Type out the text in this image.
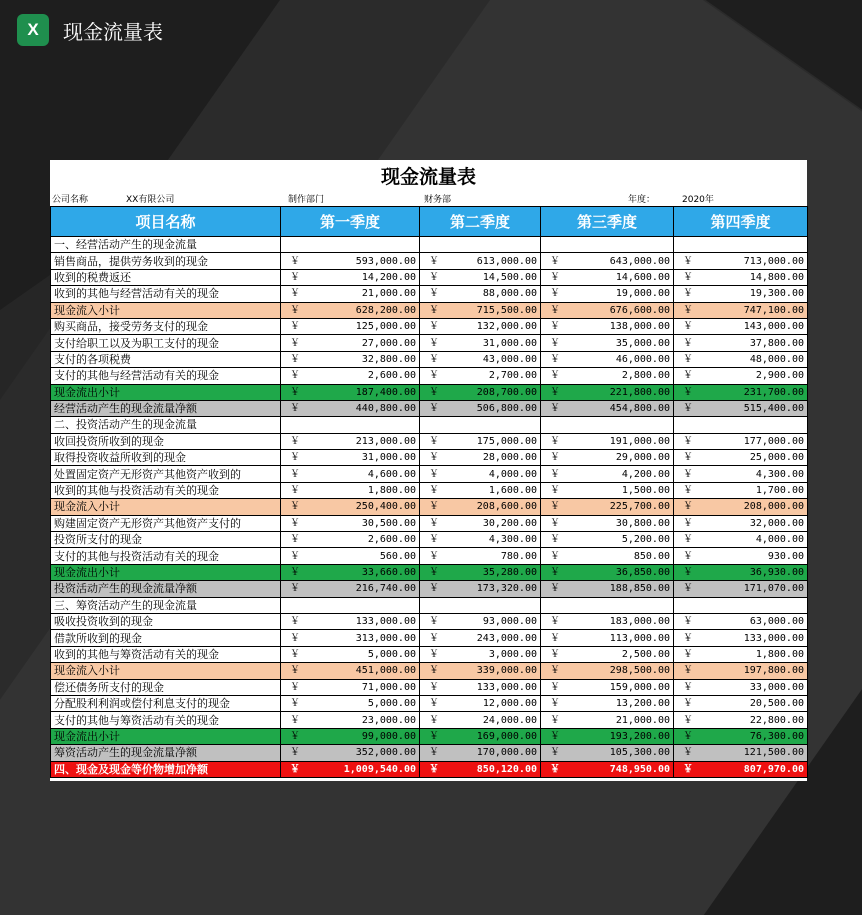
X	现金流量表
现金流量表
公司名称	XX有限公司	制作部门	财务部	年度：	2020年
项目名称	第一季度	第二季度	第三季度	第四季度
一、经营活动产生的现金流量				
销售商品，提供劳务收到的现金	￥ 593,000.00	￥ 613,000.00	￥ 643,000.00	￥ 713,000.00

收到的税费返还	￥ 14,200.00	￥ 14,500.00	￥ 14,600.00	￥ 14,800.00

收到的其他与经营活动有关的现金	￥ 21,000.00	￥ 88,000.00	￥ 19,000.00	￥ 19,300.00

现金流入小计	￥ 628,200.00	￥ 715,500.00	￥ 676,600.00	￥ 747,100.00

购买商品，接受劳务支付的现金	￥ 125,000.00	￥ 132,000.00	￥ 138,000.00	￥ 143,000.00

支付给职工以及为职工支付的现金	￥ 27,000.00	￥ 31,000.00	￥ 35,000.00	￥ 37,800.00

支付的各项税费	￥ 32,800.00	￥ 43,000.00	￥ 46,000.00	￥ 48,000.00

支付的其他与经营活动有关的现金	￥ 2,600.00	￥ 2,700.00	￥ 2,800.00	￥ 2,900.00

现金流出小计	￥ 187,400.00	￥ 208,700.00	￥ 221,800.00	￥ 231,700.00

经营活动产生的现金流量净额	￥ 440,800.00	￥ 506,800.00	￥ 454,800.00	￥ 515,400.00

二、投资活动产生的现金流量				
收回投资所收到的现金	￥ 213,000.00	￥ 175,000.00	￥ 191,000.00	￥ 177,000.00

取得投资收益所收到的现金	￥ 31,000.00	￥ 28,000.00	￥ 29,000.00	￥ 25,000.00

处置固定资产无形资产其他资产收到的	￥ 4,600.00	￥ 4,000.00	￥ 4,200.00	￥ 4,300.00

收到的其他与投资活动有关的现金	￥ 1,800.00	￥ 1,600.00	￥ 1,500.00	￥ 1,700.00

现金流入小计	￥ 250,400.00	￥ 208,600.00	￥ 225,700.00	￥ 208,000.00

购建固定资产无形资产其他资产支付的	￥ 30,500.00	￥ 30,200.00	￥ 30,800.00	￥ 32,000.00

投资所支付的现金	￥ 2,600.00	￥ 4,300.00	￥ 5,200.00	￥ 4,000.00

支付的其他与投资活动有关的现金	￥ 560.00	￥ 780.00	￥ 850.00	￥ 930.00

现金流出小计	￥ 33,660.00	￥ 35,280.00	￥ 36,850.00	￥ 36,930.00

投资活动产生的现金流量净额	￥ 216,740.00	￥ 173,320.00	￥ 188,850.00	￥ 171,070.00

三、筹资活动产生的现金流量				
吸收投资收到的现金	￥ 133,000.00	￥ 93,000.00	￥ 183,000.00	￥ 63,000.00

借款所收到的现金	￥ 313,000.00	￥ 243,000.00	￥ 113,000.00	￥ 133,000.00

收到的其他与筹资活动有关的现金	￥ 5,000.00	￥ 3,000.00	￥ 2,500.00	￥ 1,800.00

现金流入小计	￥ 451,000.00	￥ 339,000.00	￥ 298,500.00	￥ 197,800.00

偿还债务所支付的现金	￥ 71,000.00	￥ 133,000.00	￥ 159,000.00	￥ 33,000.00

分配股利利润或偿付利息支付的现金	￥ 5,000.00	￥ 12,000.00	￥ 13,200.00	￥ 20,500.00

支付的其他与筹资活动有关的现金	￥ 23,000.00	￥ 24,000.00	￥ 21,000.00	￥ 22,800.00

现金流出小计	￥ 99,000.00	￥ 169,000.00	￥ 193,200.00	￥ 76,300.00

筹资活动产生的现金流量净额	￥ 352,000.00	￥ 170,000.00	￥ 105,300.00	￥ 121,500.00

四、现金及现金等价物增加净额	￥ 1,009,540.00	￥ 850,120.00	￥ 748,950.00	￥ 807,970.00
